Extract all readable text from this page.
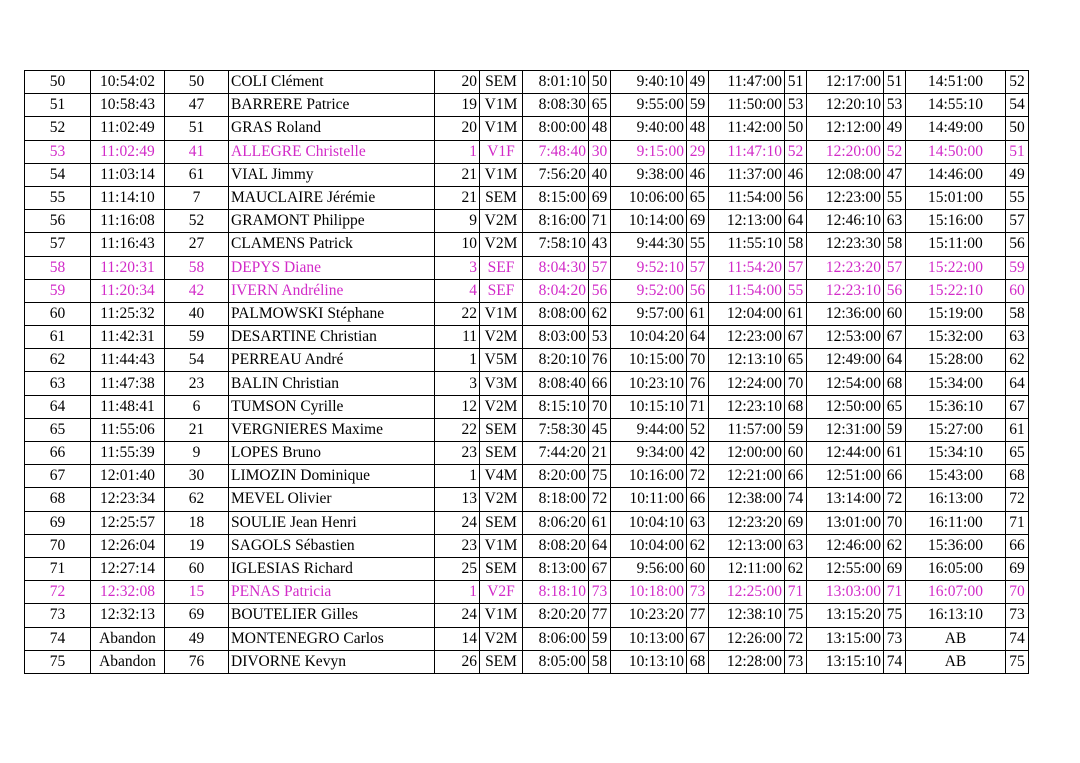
50	10:54:02	50	COLI Clément	20	SEM	8:01:10	50	9:40:10	49	11:47:00	51	12:17:00	51	14:51:00	52
51	10:58:43	47	BARRERE Patrice	19	V1M	8:08:30	65	9:55:00	59	11:50:00	53	12:20:10	53	14:55:10	54
52	11:02:49	51	GRAS Roland	20	V1M	8:00:00	48	9:40:00	48	11:42:00	50	12:12:00	49	14:49:00	50
53	11:02:49	41	ALLEGRE Christelle	1	V1F	7:48:40	30	9:15:00	29	11:47:10	52	12:20:00	52	14:50:00	51
54	11:03:14	61	VIAL Jimmy	21	V1M	7:56:20	40	9:38:00	46	11:37:00	46	12:08:00	47	14:46:00	49
55	11:14:10	7	MAUCLAIRE Jérémie	21	SEM	8:15:00	69	10:06:00	65	11:54:00	56	12:23:00	55	15:01:00	55
56	11:16:08	52	GRAMONT Philippe	9	V2M	8:16:00	71	10:14:00	69	12:13:00	64	12:46:10	63	15:16:00	57
57	11:16:43	27	CLAMENS Patrick	10	V2M	7:58:10	43	9:44:30	55	11:55:10	58	12:23:30	58	15:11:00	56
58	11:20:31	58	DEPYS Diane	3	SEF	8:04:30	57	9:52:10	57	11:54:20	57	12:23:20	57	15:22:00	59
59	11:20:34	42	IVERN Andréline	4	SEF	8:04:20	56	9:52:00	56	11:54:00	55	12:23:10	56	15:22:10	60
60	11:25:32	40	PALMOWSKI Stéphane	22	V1M	8:08:00	62	9:57:00	61	12:04:00	61	12:36:00	60	15:19:00	58
61	11:42:31	59	DESARTINE Christian	11	V2M	8:03:00	53	10:04:20	64	12:23:00	67	12:53:00	67	15:32:00	63
62	11:44:43	54	PERREAU André	1	V5M	8:20:10	76	10:15:00	70	12:13:10	65	12:49:00	64	15:28:00	62
63	11:47:38	23	BALIN Christian	3	V3M	8:08:40	66	10:23:10	76	12:24:00	70	12:54:00	68	15:34:00	64
64	11:48:41	6	TUMSON Cyrille	12	V2M	8:15:10	70	10:15:10	71	12:23:10	68	12:50:00	65	15:36:10	67
65	11:55:06	21	VERGNIERES Maxime	22	SEM	7:58:30	45	9:44:00	52	11:57:00	59	12:31:00	59	15:27:00	61
66	11:55:39	9	LOPES Bruno	23	SEM	7:44:20	21	9:34:00	42	12:00:00	60	12:44:00	61	15:34:10	65
67	12:01:40	30	LIMOZIN Dominique	1	V4M	8:20:00	75	10:16:00	72	12:21:00	66	12:51:00	66	15:43:00	68
68	12:23:34	62	MEVEL Olivier	13	V2M	8:18:00	72	10:11:00	66	12:38:00	74	13:14:00	72	16:13:00	72
69	12:25:57	18	SOULIE Jean Henri	24	SEM	8:06:20	61	10:04:10	63	12:23:20	69	13:01:00	70	16:11:00	71
70	12:26:04	19	SAGOLS Sébastien	23	V1M	8:08:20	64	10:04:00	62	12:13:00	63	12:46:00	62	15:36:00	66
71	12:27:14	60	IGLESIAS Richard	25	SEM	8:13:00	67	9:56:00	60	12:11:00	62	12:55:00	69	16:05:00	69
72	12:32:08	15	PENAS Patricia	1	V2F	8:18:10	73	10:18:00	73	12:25:00	71	13:03:00	71	16:07:00	70
73	12:32:13	69	BOUTELIER Gilles	24	V1M	8:20:20	77	10:23:20	77	12:38:10	75	13:15:20	75	16:13:10	73
74	Abandon	49	MONTENEGRO Carlos	14	V2M	8:06:00	59	10:13:00	67	12:26:00	72	13:15:00	73	AB	74
75	Abandon	76	DIVORNE Kevyn	26	SEM	8:05:00	58	10:13:10	68	12:28:00	73	13:15:10	74	AB	75
